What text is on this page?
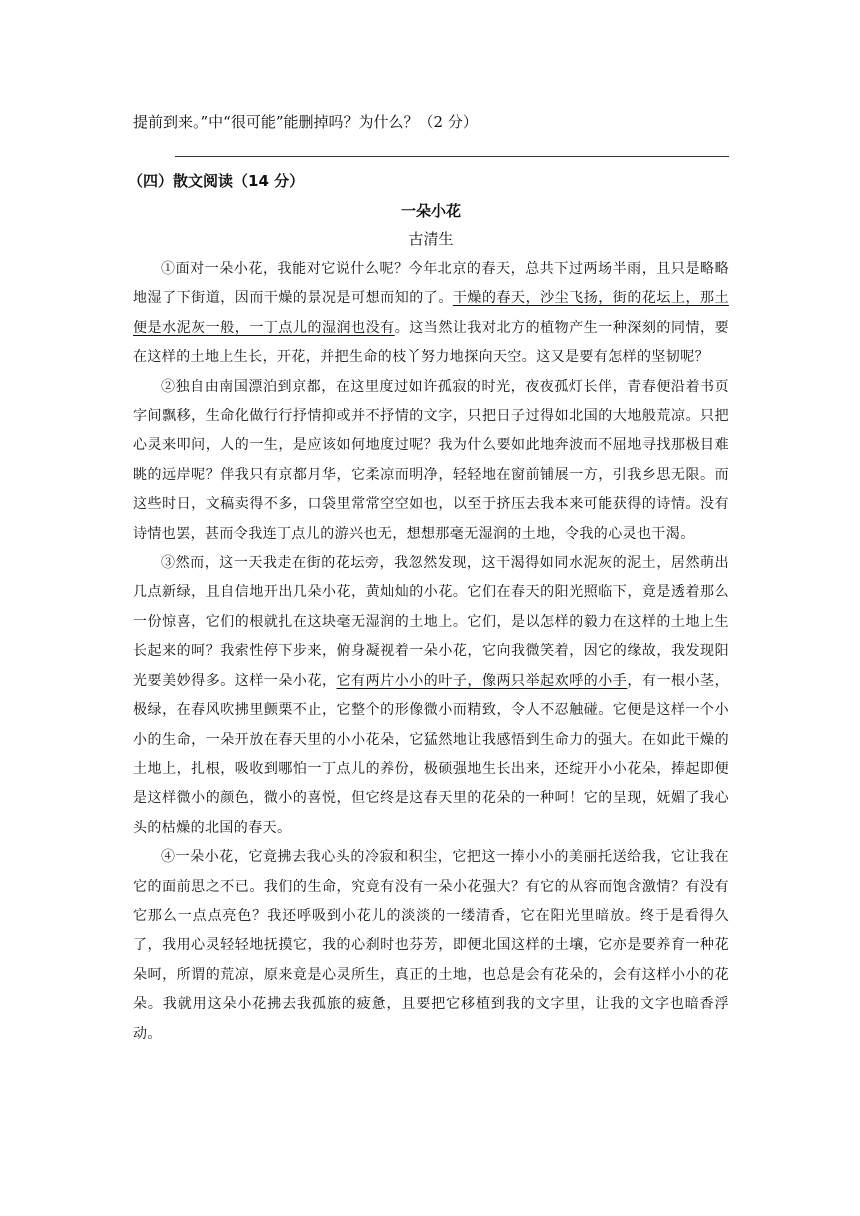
提前到来。”中“很可能”能删掉吗？为什么？（2 分）
（四）散文阅读（14 分）
一朵小花
古清生

①面对一朵小花，我能对它说什么呢？今年北京的春天，总共下过两场半雨，且只是略略地湿了下街道，因而干燥的景况是可想而知的了。干燥的春天，沙尘飞扬，街的花坛上，那土便是水泥灰一般，一丁点儿的湿润也没有。这当然让我对北方的植物产生一种深刻的同情，要在这样的土地上生长，开花，并把生命的枝丫努力地探向天空。这又是要有怎样的坚韧呢？

②独自由南国漂泊到京都，在这里度过如许孤寂的时光，夜夜孤灯长伴，青春便沿着书页字间飘移，生命化做行行抒情抑或并不抒情的文字，只把日子过得如北国的大地般荒凉。只把心灵来叩问，人的一生，是应该如何地度过呢？我为什么要如此地奔波而不屈地寻找那极目难眺的远岸呢？伴我只有京都月华，它柔凉而明净，轻轻地在窗前铺展一方，引我乡思无限。而这些时日，文稿卖得不多，口袋里常常空空如也，以至于挤压去我本来可能获得的诗情。没有诗情也罢，甚而令我连丁点儿的游兴也无，想想那毫无湿润的土地，令我的心灵也干渴。

③然而，这一天我走在街的花坛旁，我忽然发现，这干渴得如同水泥灰的泥土，居然萌出几点新绿，且自信地开出几朵小花，黄灿灿的小花。它们在春天的阳光照临下，竟是透着那么一份惊喜，它们的根就扎在这块毫无湿润的土地上。它们，是以怎样的毅力在这样的土地上生长起来的呵？我索性停下步来，俯身凝视着一朵小花，它向我微笑着，因它的缘故，我发现阳光要美妙得多。这样一朵小花，它有两片小小的叶子，像两只举起欢呼的小手，有一根小茎，极绿，在春风吹拂里颤栗不止，它整个的形像微小而精致，令人不忍触碰。它便是这样一个小小的生命，一朵开放在春天里的小小花朵，它猛然地让我感悟到生命力的强大。在如此干燥的土地上，扎根，吸收到哪怕一丁点儿的养份，极硕强地生长出来，还绽开小小花朵，捧起即便是这样微小的颜色，微小的喜悦，但它终是这春天里的花朵的一种呵！它的呈现，妩媚了我心头的枯燥的北国的春天。

④一朵小花，它竟拂去我心头的冷寂和积尘，它把这一捧小小的美丽托送给我，它让我在它的面前思之不已。我们的生命，究竟有没有一朵小花强大？有它的从容而饱含激情？有没有它那么一点点亮色？我还呼吸到小花儿的淡淡的一缕清香，它在阳光里暗放。终于是看得久了，我用心灵轻轻地抚摸它，我的心刹时也芬芳，即便北国这样的土壤，它亦是要养育一种花朵呵，所谓的荒凉，原来竟是心灵所生，真正的土地，也总是会有花朵的，会有这样小小的花朵。我就用这朵小花拂去我孤旅的疲惫，且要把它移植到我的文字里，让我的文字也暗香浮动。
